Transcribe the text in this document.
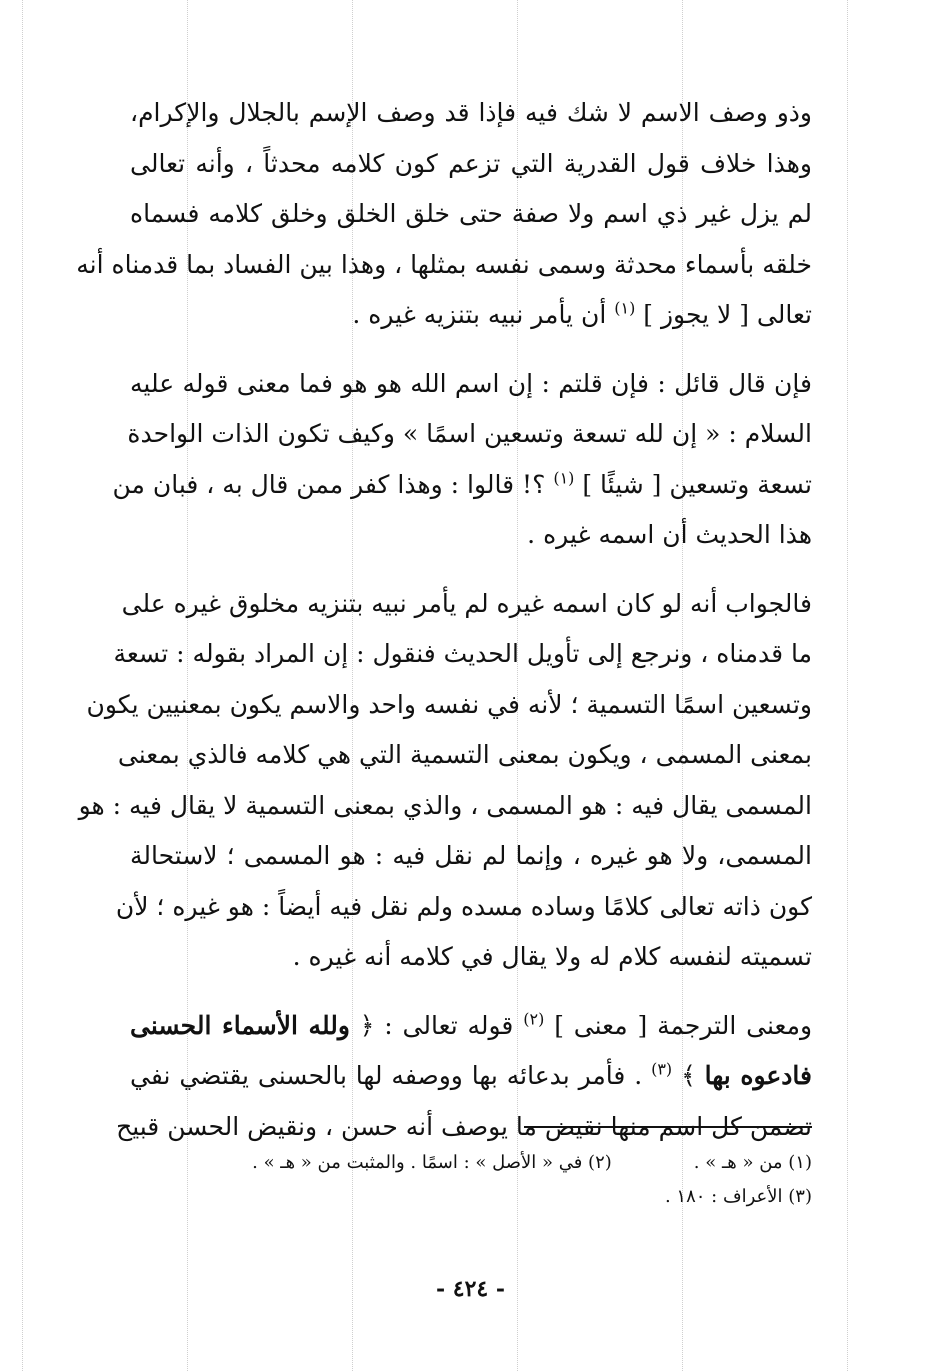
وذو وصف الاسم لا شك فيه فإذا قد وصف الإسم بالجلال والإكرام،
وهذا خلاف قول القدرية التي تزعم كون كلامه محدثاً ، وأنه تعالى
لم يزل غير ذي اسم ولا صفة حتى خلق الخلق وخلق كلامه فسماه
خلقه بأسماء محدثة وسمى نفسه بمثلها ، وهذا بين الفساد بما قدمناه أنه
تعالى [ لا يجوز ] $^{(١)}$ أن يأمر نبيه بتنزيه غيره .

فإن قال قائل : فإن قلتم : إن اسم الله هو هو فما معنى قوله عليه
السلام : « إن لله تسعة وتسعين اسمًا » وكيف تكون الذات الواحدة
تسعة وتسعين [ شيئًا ] $^{(١)}$ ؟! قالوا : وهذا كفر ممن قال به ، فبان من
هذا الحديث أن اسمه غيره .

فالجواب أنه لو كان اسمه غيره لم يأمر نبيه بتنزيه مخلوق غيره على
ما قدمناه ، ونرجع إلى تأويل الحديث فنقول : إن المراد بقوله : تسعة
وتسعين اسمًا التسمية ؛ لأنه في نفسه واحد والاسم يكون بمعنيين يكون
بمعنى المسمى ، ويكون بمعنى التسمية التي هي كلامه فالذي بمعنى
المسمى يقال فيه : هو المسمى ، والذي بمعنى التسمية لا يقال فيه : هو
المسمى، ولا هو غيره ، وإنما لم نقل فيه : هو المسمى ؛ لاستحالة
كون ذاته تعالى كلامًا وساده مسده ولم نقل فيه أيضاً : هو غيره ؛ لأن
تسميته لنفسه كلام له ولا يقال في كلامه أنه غيره .

ومعنى الترجمة [ معنى ] $^{(٢)}$ قوله تعالى : ﴿ ولله الأسماء الحسنى
فادعوه بها ﴾ $^{(٣)}$ . فأمر بدعائه بها ووصفه لها بالحسنى يقتضي نفي
تضمن كل اسم منها نقيض ما يوصف أنه حسن ، ونقيض الحسن قبيح

(١) من « هـ » .(٢) في « الأصل » : اسمًا . والمثبت من « هـ » .
(٣) الأعراف : ١٨٠ .
- ٤٢٤ -
